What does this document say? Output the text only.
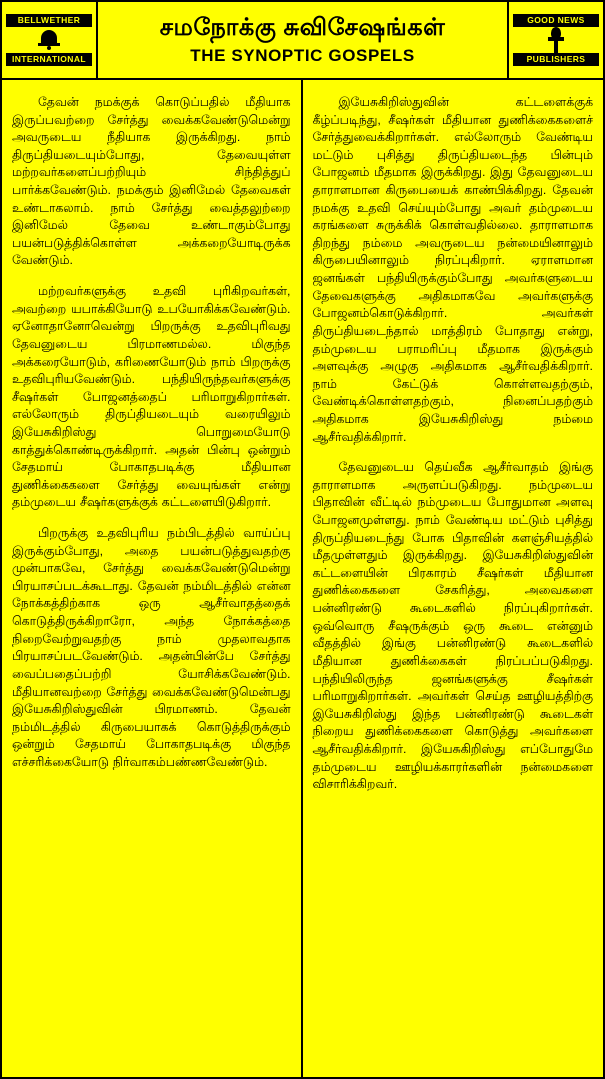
BELLWETHER
INTERNATIONAL
சமநோக்கு சுவிசேஷங்கள்
THE SYNOPTIC GOSPELS
GOOD NEWS
PUBLISHERS

தேவன் நமக்குக் கொடுப்பதில் மீதியாக இருப்பவற்றை சேர்த்து வைக்கவேண்டுமென்று அவருடைய நீதியாக இருக்கிறது. நாம் திருப்தியடையும்போது, தேவையுள்ள மற்றவர்களைப்பற்றியும் சிந்தித்துப் பார்க்கவேண்டும். நமக்கும் இனிமேல் தேவைகள் உண்டாகலாம். நாம் சேர்த்து வைத்தலுற்றை இனிமேல் தேவை உண்டாகும்போது பயன்படுத்திக்கொள்ள அக்கறையோடிருக்க வேண்டும்.

மற்றவர்களுக்கு உதவி புரிகிறவர்கள், அவற்றை யபாக்கியோடு உபயோகிக்கவேண்டும். ஏனோதானோவென்று பிறருக்கு உதவிபுரிவது தேவனுடைய பிரமாணமல்ல. மிகுந்த அக்கரையோடும், கரிணையோடும் நாம் பிறருக்கு உதவிபுரியவேண்டும். பந்தியிருந்தவர்களுக்கு சீஷர்கள் போஜனத்தைப் பரிமாறுகிறார்கள். எல்லோரும் திருப்தியடையும் வரையிலும் இயேசுகிறிஸ்து பொறுமையோடு காத்துக்கொண்டிருக்கிறார். அதன் பின்பு ஒன்றும் சேதமாய் போகாதபடிக்கு மீதியான துணிக்கைகளை சேர்த்து வையுங்கள் என்று தம்முடைய சீஷர்களுக்குக் கட்டளையிடுகிறார்.

பிறருக்கு உதவிபுரிய நம்பிடத்தில் வாய்ப்பு இருக்கும்போது, அதை பயன்படுத்துவதற்கு முன்பாகவே, சேர்த்து வைக்கவேண்டுமென்று பிரயாசப்படக்கூடாது. தேவன் நம்மிடத்தில் என்ன நோக்கத்திற்காக ஒரு ஆசீர்வாதத்தைக் கொடுத்திருக்கிறாரோ, அந்த நோக்கத்தை நிறைவேற்றுவதற்கு நாம் முதலாவதாக பிரயாசப்படவேண்டும். அதன்பின்பே சேர்த்து வைப்பதைப்பற்றி யோசிக்கவேண்டும். மீதியானவற்றை சேர்த்து வைக்கவேண்டுமென்பது இயேசுகிறிஸ்துவின் பிரமாணம். தேவன் நம்மிடத்தில் கிருபையாகக் கொடுத்திருக்கும் ஒன்றும் சேதமாய் போகாதபடிக்கு மிகுந்த எச்சரிக்கையோடு நிர்வாகம்பண்ணவேண்டும்.

இயேசுகிறிஸ்துவின் கட்டளைக்குக் கீழ்ப்படிந்து, சீஷர்கள் மீதியான துணிக்கைகளைச் சேர்த்துவைக்கிறார்கள். எல்லோரும் வேண்டிய மட்டும் புசித்து திருப்தியடைந்த பின்பும் போஜனம் மீதமாக இருக்கிறது. இது தேவனுடைய தாராளமான கிருபையைக் காண்பிக்கிறது. தேவன் நமக்கு உதவி செய்யும்போது அவர் தம்முடைய கரங்களை சுருக்கிக் கொள்வதில்லை. தாராளமாக திறந்து நம்மை அவருடைய நன்மையினாலும் கிருபையினாலும் நிரப்புகிறார். ஏராளமான ஜனங்கள் பந்தியிருக்கும்போது அவர்களுடைய தேவைகளுக்கு அதிகமாகவே அவர்களுக்கு போஜனம்கொடுக்கிறார். அவர்கள் திருப்தியடைந்தால் மாத்திரம் போதாது என்று, தம்முடைய பராமரிப்பு மீதமாக இருக்கும் அளவுக்கு அழுகு அதிகமாக ஆசீர்வதிக்கிறார். நாம் கேட்டுக் கொள்ளவதற்கும், வேண்டிக்கொள்ளதற்கும், நினைப்பதற்கும் அதிகமாக இயேசுகிறிஸ்து நம்மை ஆசீர்வதிக்கிறார்.

தேவனுடைய தெய்வீக ஆசீர்வாதம் இங்கு தாராளமாக அருளப்படுகிறது. நம்முடைய பிதாவின் வீட்டில் நம்முடைய போதுமான அளவு போஜனமுள்ளது. நாம் வேண்டிய மட்டும் புசித்து திருப்தியடைந்து போக பிதாவின் களஞ்சியத்தில் மீதமுள்ளதும் இருக்கிறது. இயேசுகிறிஸ்துவின் கட்டளையின் பிரகாரம் சீஷர்கள் மீதியான துணிக்கைகளை சேகரித்து, அவைகளை பன்னிரண்டு கூடைகளில் நிரப்புகிறார்கள். ஒவ்வொரு சீஷருக்கும் ஒரு கூடை என்னும் வீதத்தில் இங்கு பன்னிரண்டு கூடைகளில் மீதியான துணிக்கைகள் நிரப்பப்படுகிறது. பந்தியிலிருந்த ஜனங்களுக்கு சீஷர்கள் பரிமாறுகிறார்கள். அவர்கள் செய்த ஊழியத்திற்கு இயேசுகிறிஸ்து இந்த பன்னிரண்டு கூடைகள் நிறைய துணிக்கைகளை கொடுத்து அவர்களை ஆசீர்வதிக்கிறார். இயேசுகிறிஸ்து எப்போதுமே தம்முடைய ஊழியக்காரர்களின் நன்மைகளை விசாரிக்கிறவர்.
